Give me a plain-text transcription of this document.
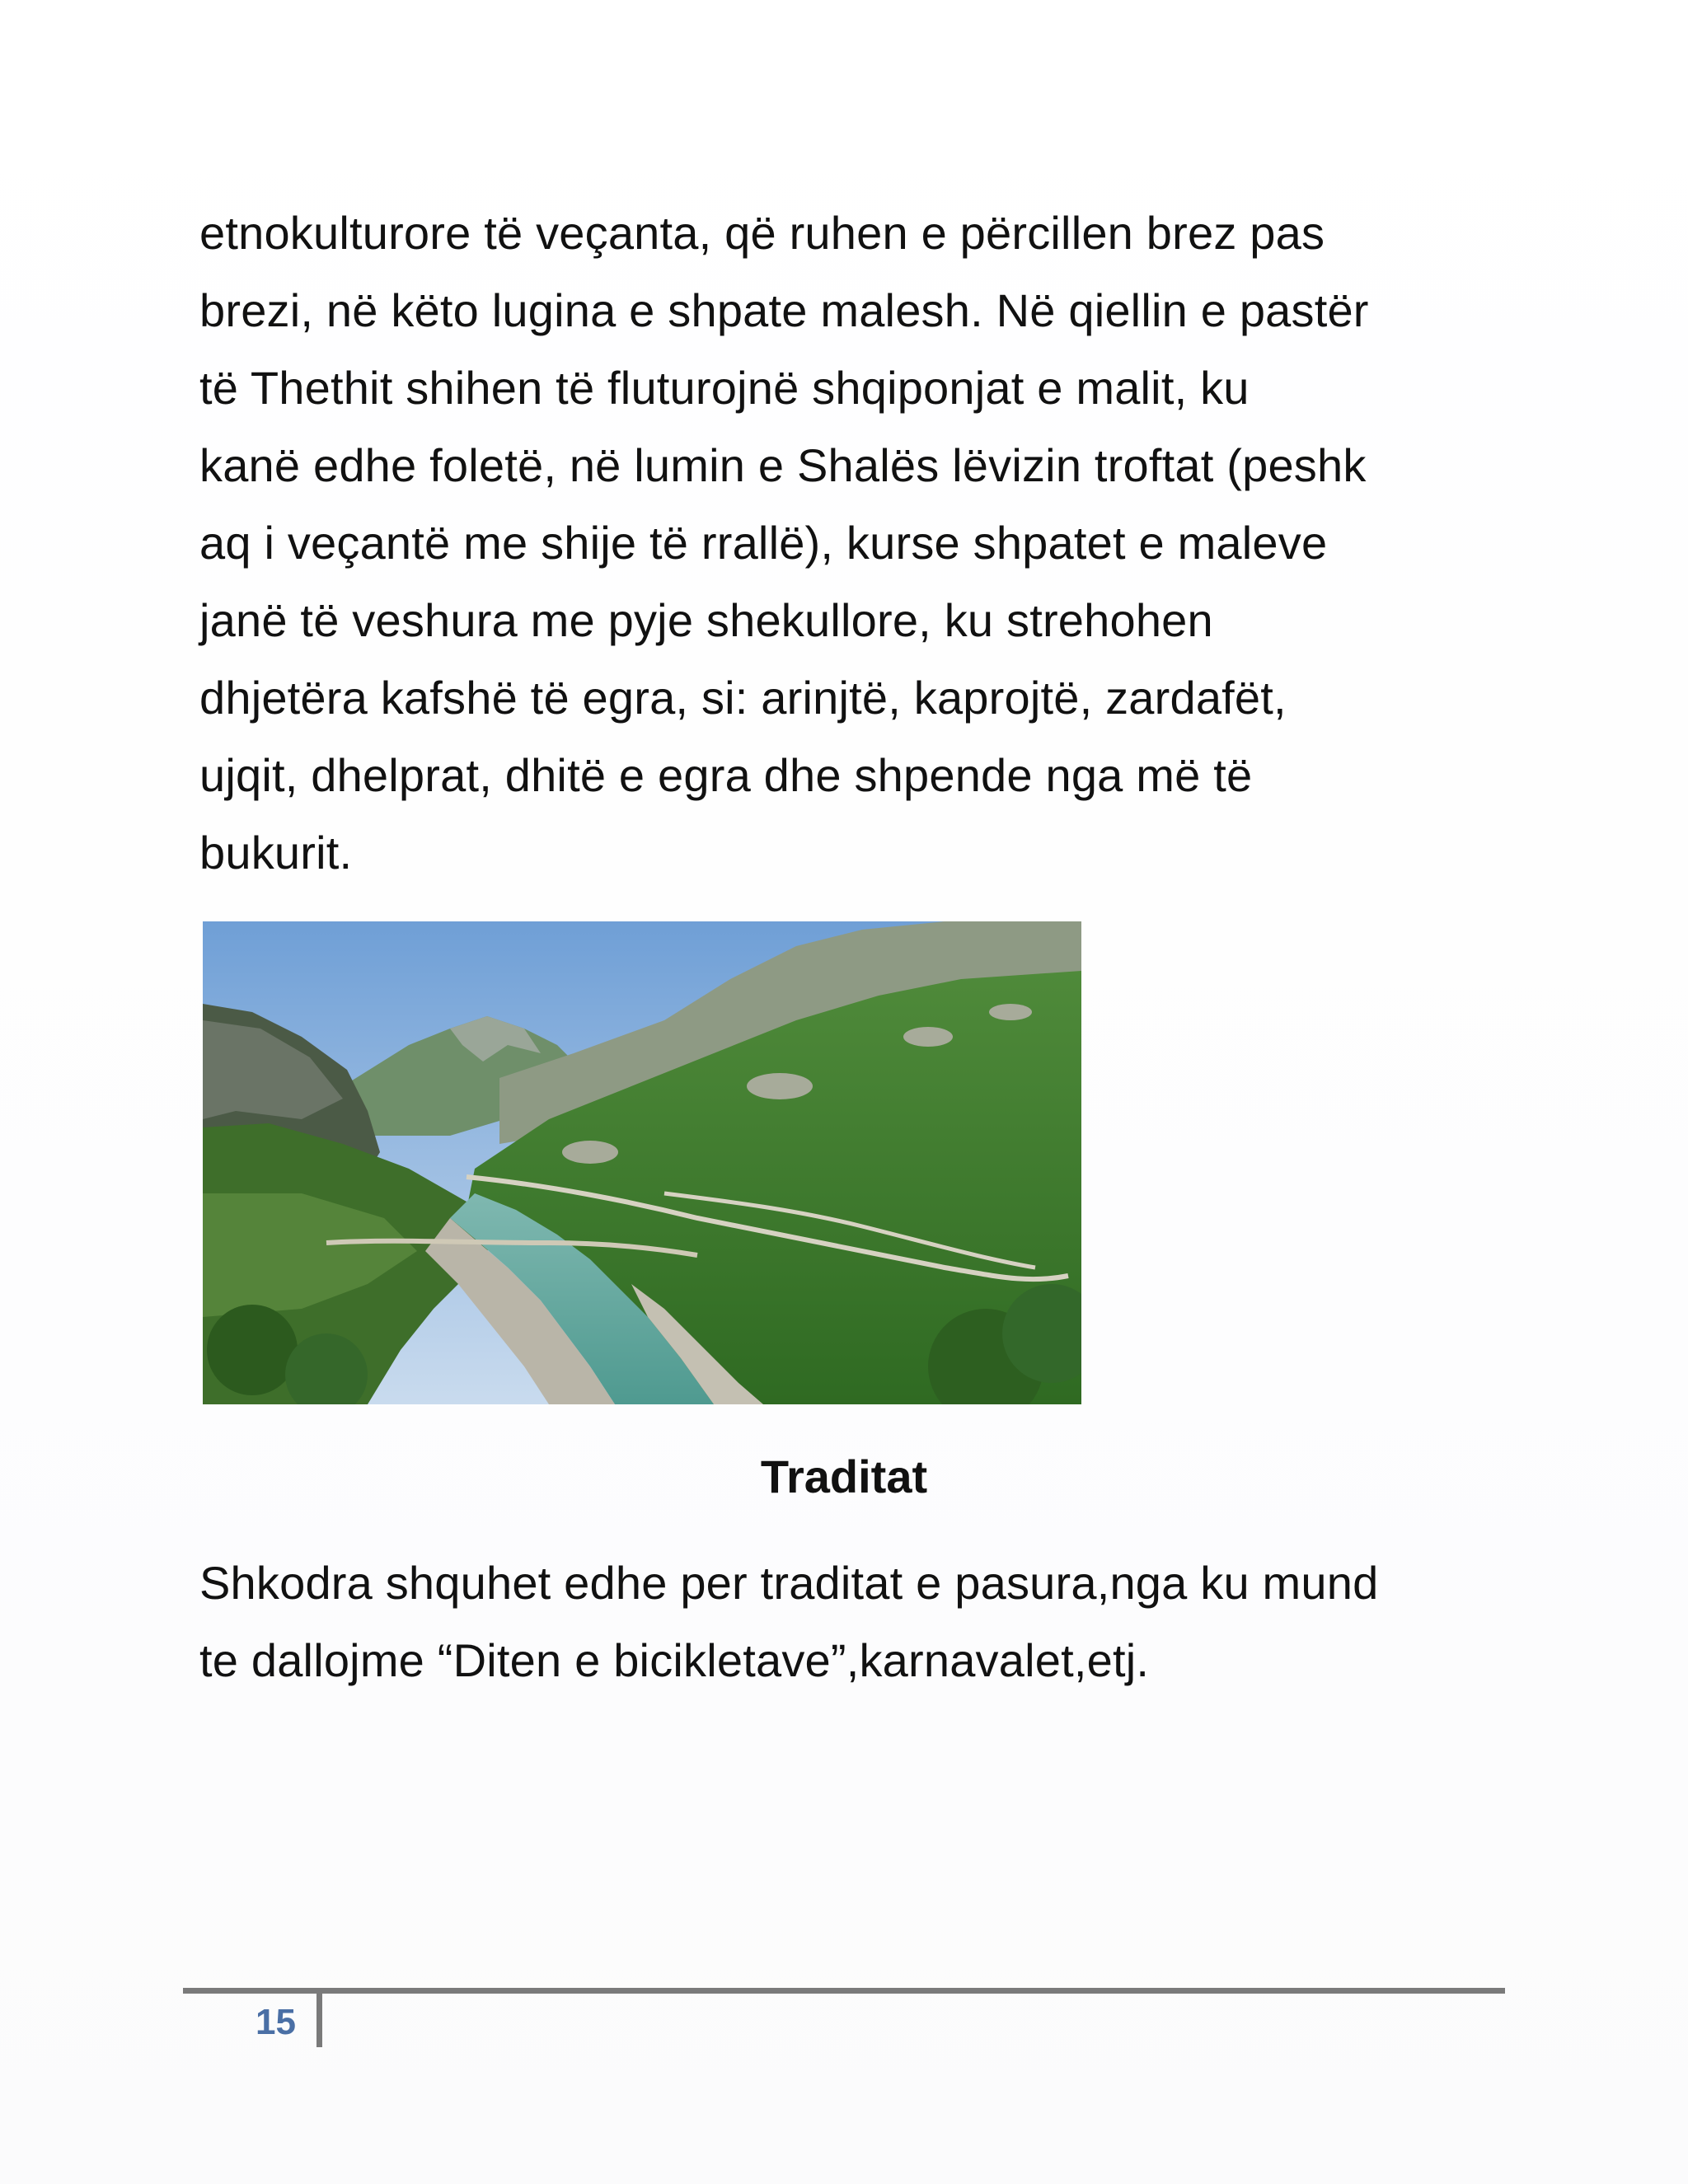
etnokulturore të veçanta, që ruhen e përcillen brez pas
brezi, në këto lugina e shpate malesh. Në qiellin e pastër
të Thethit shihen të fluturojnë shqiponjat e malit, ku
kanë edhe foletë, në lumin e Shalës lëvizin troftat (peshk
aq i veçantë me shije të rrallë), kurse shpatet e maleve
janë të veshura me pyje shekullore, ku strehohen
dhjetëra kafshë të egra, si: arinjtë, kaprojtë, zardafët,
ujqit, dhelprat, dhitë e egra dhe shpende nga më të
bukurit.

Traditat

Shkodra shquhet edhe per traditat e pasura,nga ku mund
te dallojme “Diten e bicikletave”,karnavalet,etj.

15
